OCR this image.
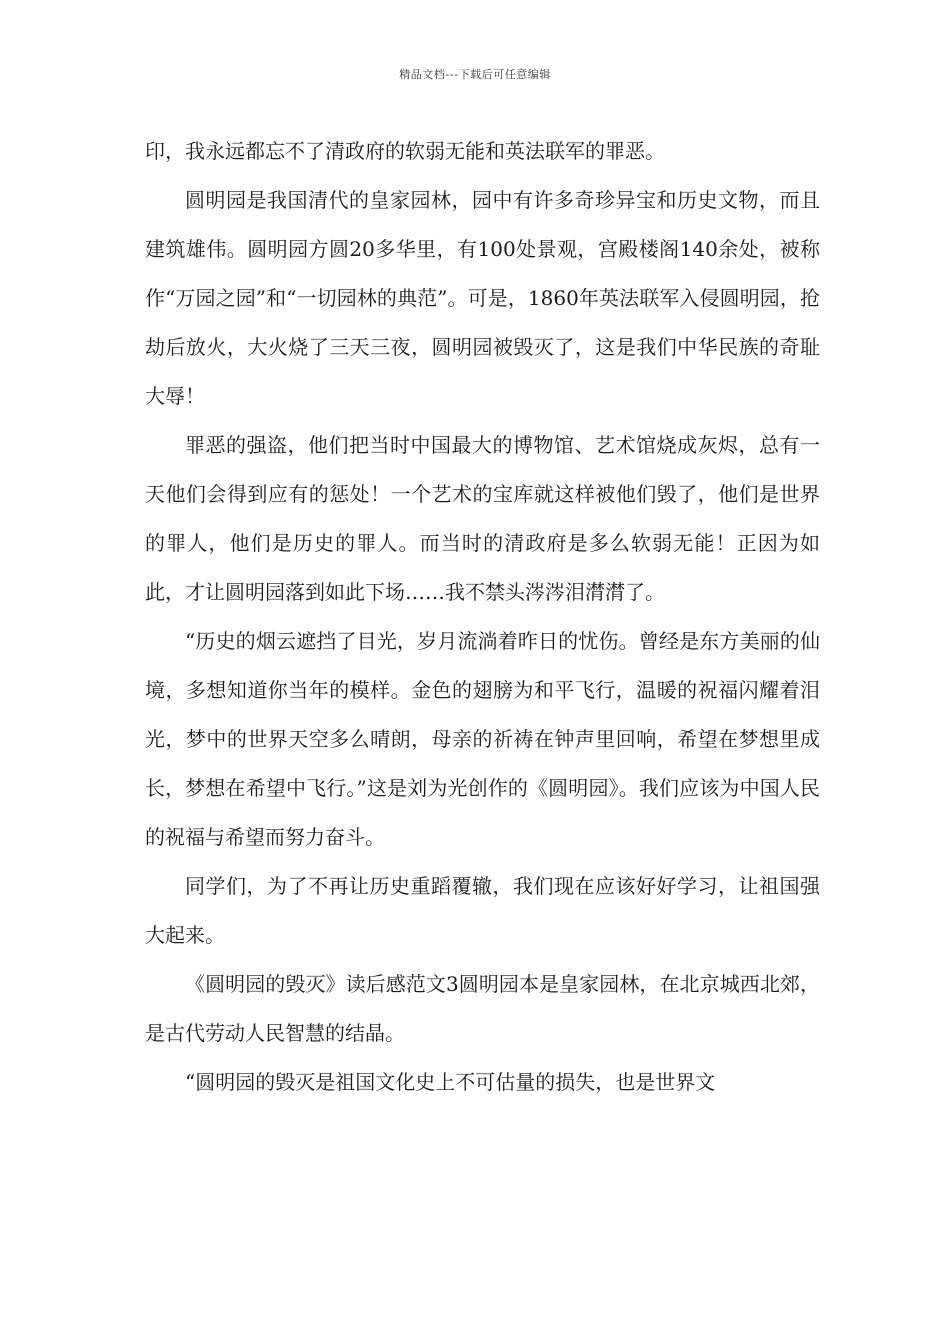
精品文档---下载后可任意编辑

印，我永远都忘不了清政府的软弱无能和英法联军的罪恶。

圆明园是我国清代的皇家园林，园中有许多奇珍异宝和历史文物，而且建筑雄伟。圆明园方圆20多华里，有100处景观，宫殿楼阁140余处，被称作“万园之园”和“一切园林的典范”。可是，1860年英法联军入侵圆明园，抢劫后放火，大火烧了三天三夜，圆明园被毁灭了，这是我们中华民族的奇耻大辱！

罪恶的强盗，他们把当时中国最大的博物馆、艺术馆烧成灰烬，总有一天他们会得到应有的惩处！一个艺术的宝库就这样被他们毁了，他们是世界的罪人，他们是历史的罪人。而当时的清政府是多么软弱无能！正因为如此，才让圆明园落到如此下场……我不禁头涔涔泪潸潸了。

“历史的烟云遮挡了目光，岁月流淌着昨日的忧伤。曾经是东方美丽的仙境，多想知道你当年的模样。金色的翅膀为和平飞行，温暖的祝福闪耀着泪光，梦中的世界天空多么晴朗，母亲的祈祷在钟声里回响，希望在梦想里成长，梦想在希望中飞行。”这是刘为光创作的《圆明园》。我们应该为中国人民的祝福与希望而努力奋斗。

同学们，为了不再让历史重蹈覆辙，我们现在应该好好学习，让祖国强大起来。

《圆明园的毁灭》读后感范文3圆明园本是皇家园林，在北京城西北郊，是古代劳动人民智慧的结晶。

“圆明园的毁灭是祖国文化史上不可估量的损失，也是世界文
